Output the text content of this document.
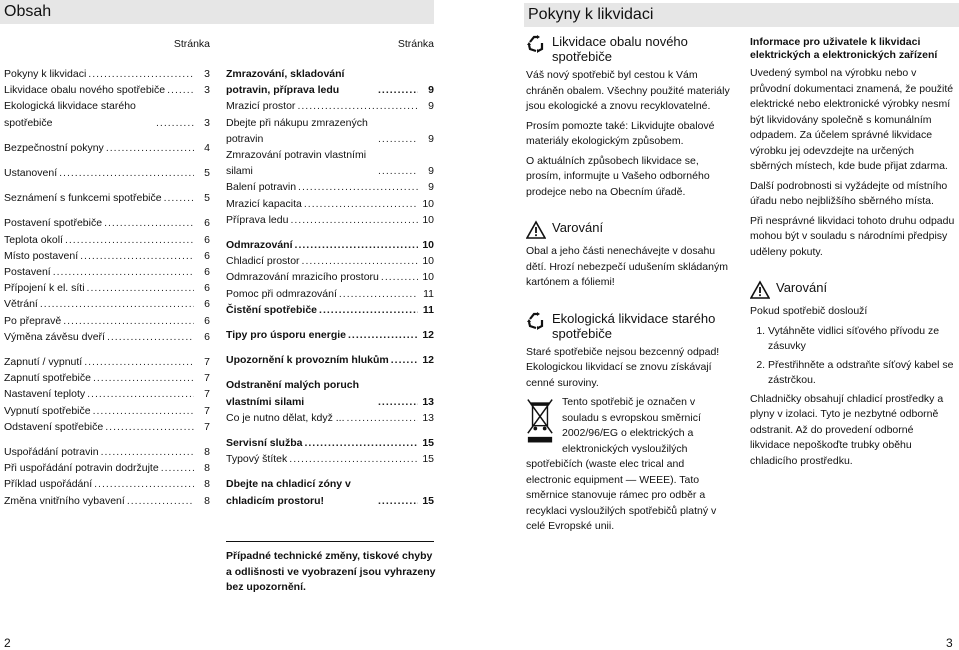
Obsah
Stránka	Stránka
Pokyny k likvidaci .....	3
Likvidace obalu nového spotřebiče .....	3
Ekologická likvidace starého spotřebiče .....	3
Bezpečnostní pokyny .....	4
Ustanovení .....	5
Seznámení s funkcemi spotřebiče .....	5
Postavení spotřebiče .....	6
Teplota okolí .....	6
Místo postavení .....	6
Postavení .....	6
Přípojení k el. síti .....	6
Větrání .....	6
Po přepravě .....	6
Výměna závěsu dveří .....	6
Zapnutí / vypnutí .....	7
Zapnutí spotřebiče .....	7
Nastavení teploty .....	7
Vypnutí spotřebiče .....	7
Odstavení spotřebiče .....	7
Uspořádání potravin .....	8
Při uspořádání potravin dodržujte .....	8
Příklad uspořádání .....	8
Změna vnitřního vybavení .....	8
Zmrazování, skladování potravin, příprava ledu .....	9
Mrazicí prostor .....	9
Dbejte při nákupu zmrazených potravin .....	9
Zmrazování potravin vlastními silami .....	9
Balení potravin .....	9
Mrazicí kapacita .....	10
Příprava ledu .....	10
Odmrazování .....	10
Chladicí prostor .....	10
Odmrazování mrazicího prostoru .....	10
Pomoc při odmrazování .....	11
Čistění spotřebiče .....	11
Tipy pro úsporu energie .....	12
Upozornění k provozním hlukům .....	12
Odstranění malých poruch vlastními silami .....	13
Co je nutno dělat, když ... .....	13
Servisní služba .....	15
Typový štítek .....	15
Dbejte na chladicí zóny v chladicím prostoru! .....	15
Případné technické změny, tiskové chyby a odlišnosti ve vyobrazení jsou vyhrazeny bez upozornění.
2
Pokyny k likvidaci
Likvidace obalu nového spotřebiče

Váš nový spotřebič byl cestou k Vám chráněn obalem. Všechny použité materiály jsou ekologické a znovu recyklovatelné.

Prosím pomozte také: Likvidujte obalové materiály ekologickým způsobem.

O aktuálních způsobech likvidace se, prosím, informujte u Vašeho odborného prodejce nebo na Obecním úřadě.

Varování

Obal a jeho části nenechávejte v dosahu dětí. Hrozí nebezpečí udušením skládaným kartónem a fóliemi!

Ekologická likvidace starého spotřebiče

Staré spotřebiče nejsou bezcenný odpad! Ekologickou likvidací se znovu získávají cenné suroviny.

Tento spotřebič je označen v souladu s evropskou směrnicí 2002/96/EG o elektrických a elektronických vysloužilých spotřebičích (waste elec trical and electronic equipment — WEEE). Tato směrnice stanovuje rámec pro odběr a recyklaci vysloužilých spotřebičů platný v celé Evropské unii.

Informace pro uživatele k likvidaci elektrických a elektronických zařízení

Uvedený symbol na výrobku nebo v průvodní dokumentaci znamená, že použité elektrické nebo elektronické výrobky nesmí být likvidovány společně s komunálním odpadem. Za účelem správné likvidace výrobku jej odevzdejte na určených sběrných místech, kde bude přijat zdarma.

Další podrobnosti si vyžádejte od místního úřadu nebo nejbližšího sběrného místa.

Při nesprávné likvidaci tohoto druhu odpadu mohou být v souladu s národními předpisy uděleny pokuty.

Varování

Pokud spotřebič doslouží

1. Vytáhněte vidlici síťového přívodu ze zásuvky
2. Přestřihněte a odstraňte síťový kabel se zástrčkou.

Chladničky obsahují chladicí prostředky a plyny v izolaci. Tyto je nezbytné odborně odstranit. Až do provedení odborné likvidace nepoškoďte trubky oběhu chladicího prostředku.

3
